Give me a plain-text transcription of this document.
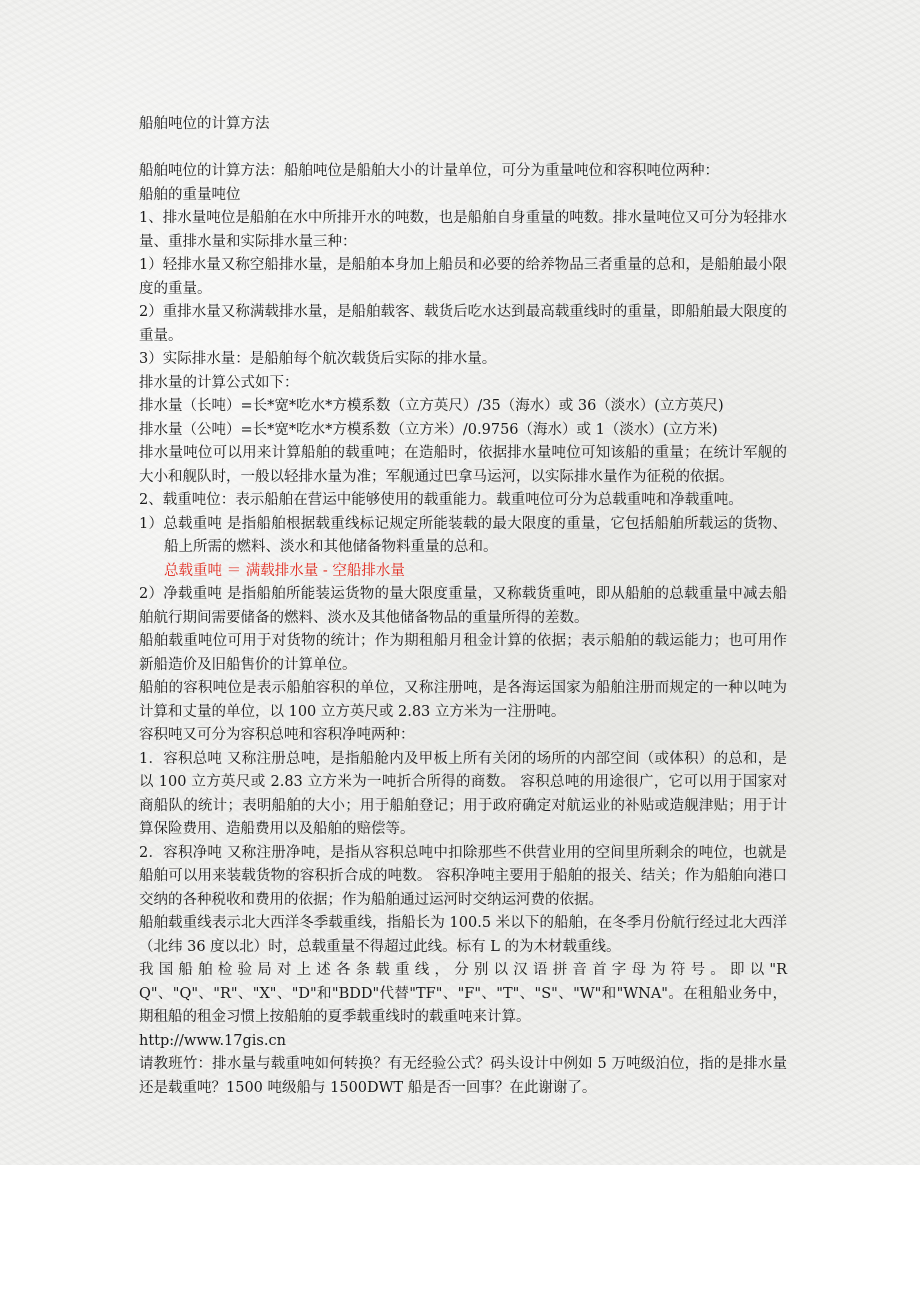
船舶吨位的计算方法

船舶吨位的计算方法：船舶吨位是船舶大小的计量单位，可分为重量吨位和容积吨位两种：

船舶的重量吨位

1、排水量吨位是船舶在水中所排开水的吨数，也是船舶自身重量的吨数。排水量吨位又可分为轻排水量、重排水量和实际排水量三种：

1）轻排水量又称空船排水量，是船舶本身加上船员和必要的给养物品三者重量的总和，是船舶最小限度的重量。

2）重排水量又称满载排水量，是船舶载客、载货后吃水达到最高载重线时的重量，即船舶最大限度的重量。

3）实际排水量：是船舶每个航次载货后实际的排水量。

排水量的计算公式如下：

排水量（长吨）=长*宽*吃水*方模系数（立方英尺）/35（海水）或 36（淡水）(立方英尺)

排水量（公吨）=长*宽*吃水*方模系数（立方米）/0.9756（海水）或 1（淡水）(立方米)

排水量吨位可以用来计算船舶的载重吨；在造船时，依据排水量吨位可知该船的重量；在统计军舰的大小和舰队时，一般以轻排水量为准；军舰通过巴拿马运河，以实际排水量作为征税的依据。

2、载重吨位：表示船舶在营运中能够使用的载重能力。载重吨位可分为总载重吨和净载重吨。

1）总载重吨 是指船舶根据载重线标记规定所能装载的最大限度的重量，它包括船舶所载运的货物、船上所需的燃料、淡水和其他储备物料重量的总和。

总载重吨 ＝ 满载排水量 - 空船排水量

2）净载重吨 是指船舶所能装运货物的量大限度重量，又称载货重吨，即从船舶的总载重量中减去船舶航行期间需要储备的燃料、淡水及其他储备物品的重量所得的差数。

船舶载重吨位可用于对货物的统计；作为期租船月租金计算的依据；表示船舶的载运能力；也可用作新船造价及旧船售价的计算单位。

船舶的容积吨位是表示船舶容积的单位，又称注册吨，是各海运国家为船舶注册而规定的一种以吨为计算和丈量的单位，以 100 立方英尺或 2.83 立方米为一注册吨。

容积吨又可分为容积总吨和容积净吨两种：

1．容积总吨 又称注册总吨，是指船舱内及甲板上所有关闭的场所的内部空间（或体积）的总和，是以 100 立方英尺或 2.83 立方米为一吨折合所得的商数。 容积总吨的用途很广，它可以用于国家对商船队的统计；表明船舶的大小；用于船舶登记；用于政府确定对航运业的补贴或造舰津贴；用于计算保险费用、造船费用以及船舶的赔偿等。

2．容积净吨 又称注册净吨，是指从容积总吨中扣除那些不供营业用的空间里所剩余的吨位，也就是船舶可以用来装载货物的容积折合成的吨数。 容积净吨主要用于船舶的报关、结关；作为船舶向港口交纳的各种税收和费用的依据；作为船舶通过运河时交纳运河费的依据。

船舶载重线表示北大西洋冬季载重线，指船长为 100.5 米以下的船舶，在冬季月份航行经过北大西洋（北纬 36 度以北）时，总载重量不得超过此线。标有 L 的为木材载重线。

我国船舶检验局对上述各条载重线，分别以汉语拼音首字母为符号。即以"RQ"、"Q"、"R"、"X"、"D"和"BDD"代替"TF"、"F"、"T"、"S"、"W"和"WNA"。在租船业务中，期租船的租金习惯上按船舶的夏季载重线时的载重吨来计算。

http://www.17gis.cn

请教班竹：排水量与载重吨如何转换？有无经验公式？码头设计中例如 5 万吨级泊位，指的是排水量还是载重吨？1500 吨级船与 1500DWT 船是否一回事？在此谢谢了。
